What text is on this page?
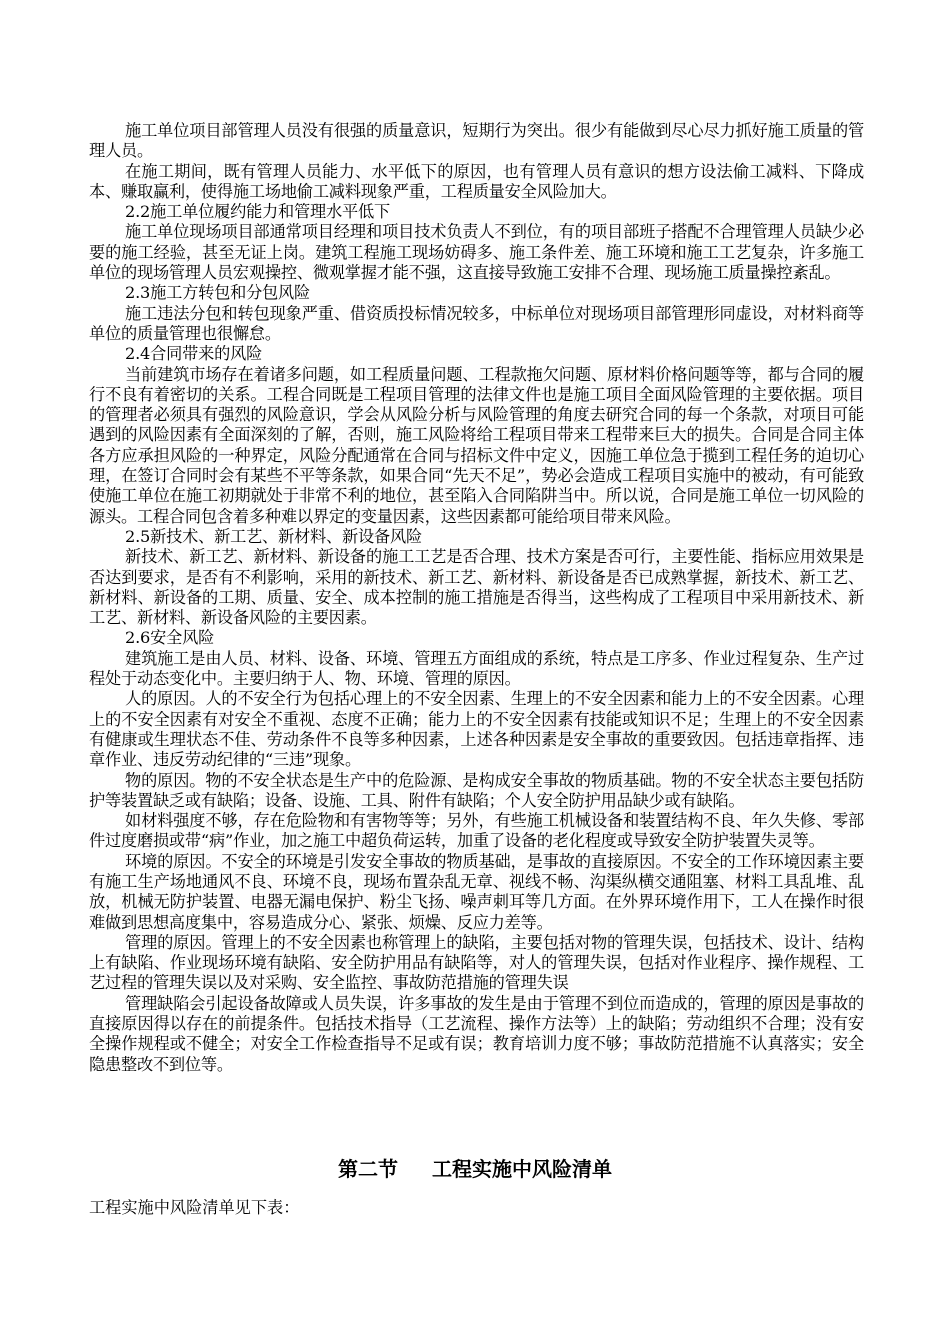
施工单位项目部管理人员没有很强的质量意识，短期行为突出。很少有能做到尽心尽力抓好施工质量的管理人员。

在施工期间，既有管理人员能力、水平低下的原因，也有管理人员有意识的想方设法偷工减料、下降成本、赚取赢利，使得施工场地偷工减料现象严重，工程质量安全风险加大。

2.2施工单位履约能力和管理水平低下

施工单位现场项目部通常项目经理和项目技术负责人不到位，有的项目部班子搭配不合理管理人员缺少必要的施工经验，甚至无证上岗。建筑工程施工现场妨碍多、施工条件差、施工环境和施工工艺复杂，许多施工单位的现场管理人员宏观操控、微观掌握才能不强，这直接导致施工安排不合理、现场施工质量操控紊乱。

2.3施工方转包和分包风险

施工违法分包和转包现象严重、借资质投标情况较多，中标单位对现场项目部管理形同虚设，对材料商等单位的质量管理也很懈怠。

2.4合同带来的风险

当前建筑市场存在着诸多问题，如工程质量问题、工程款拖欠问题、原材料价格问题等等，都与合同的履行不良有着密切的关系。工程合同既是工程项目管理的法律文件也是施工项目全面风险管理的主要依据。项目的管理者必须具有强烈的风险意识，学会从风险分析与风险管理的角度去研究合同的每一个条款，对项目可能遇到的风险因素有全面深刻的了解，否则，施工风险将给工程项目带来工程带来巨大的损失。合同是合同主体各方应承担风险的一种界定，风险分配通常在合同与招标文件中定义，因施工单位急于揽到工程任务的迫切心理，在签订合同时会有某些不平等条款，如果合同“先天不足”，势必会造成工程项目实施中的被动，有可能致使施工单位在施工初期就处于非常不利的地位，甚至陷入合同陷阱当中。所以说，合同是施工单位一切风险的源头。工程合同包含着多种难以界定的变量因素，这些因素都可能给项目带来风险。

2.5新技术、新工艺、新材料、新设备风险

新技术、新工艺、新材料、新设备的施工工艺是否合理、技术方案是否可行，主要性能、指标应用效果是否达到要求，是否有不利影响，采用的新技术、新工艺、新材料、新设备是否已成熟掌握，新技术、新工艺、新材料、新设备的工期、质量、安全、成本控制的施工措施是否得当，这些构成了工程项目中采用新技术、新工艺、新材料、新设备风险的主要因素。

2.6安全风险

建筑施工是由人员、材料、设备、环境、管理五方面组成的系统，特点是工序多、作业过程复杂、生产过程处于动态变化中。主要归纳于人、物、环境、管理的原因。

人的原因。人的不安全行为包括心理上的不安全因素、生理上的不安全因素和能力上的不安全因素。心理上的不安全因素有对安全不重视、态度不正确；能力上的不安全因素有技能或知识不足；生理上的不安全因素有健康或生理状态不佳、劳动条件不良等多种因素，上述各种因素是安全事故的重要致因。包括违章指挥、违章作业、违反劳动纪律的“三违”现象。

物的原因。物的不安全状态是生产中的危险源、是构成安全事故的物质基础。物的不安全状态主要包括防护等装置缺乏或有缺陷；设备、设施、工具、附件有缺陷；个人安全防护用品缺少或有缺陷。

如材料强度不够，存在危险物和有害物等等；另外，有些施工机械设备和装置结构不良、年久失修、零部件过度磨损或带“病”作业，加之施工中超负荷运转，加重了设备的老化程度或导致安全防护装置失灵等。

环境的原因。不安全的环境是引发安全事故的物质基础，是事故的直接原因。不安全的工作环境因素主要有施工生产场地通风不良、环境不良，现场布置杂乱无章、视线不畅、沟渠纵横交通阻塞、材料工具乱堆、乱放，机械无防护装置、电器无漏电保护、粉尘飞扬、噪声刺耳等几方面。在外界环境作用下，工人在操作时很难做到思想高度集中，容易造成分心、紧张、烦燥、反应力差等。

管理的原因。管理上的不安全因素也称管理上的缺陷，主要包括对物的管理失误，包括技术、设计、结构上有缺陷、作业现场环境有缺陷、安全防护用品有缺陷等，对人的管理失误，包括对作业程序、操作规程、工艺过程的管理失误以及对采购、安全监控、事故防范措施的管理失误

管理缺陷会引起设备故障或人员失误，许多事故的发生是由于管理不到位而造成的，管理的原因是事故的直接原因得以存在的前提条件。包括技术指导（工艺流程、操作方法等）上的缺陷；劳动组织不合理；没有安全操作规程或不健全；对安全工作检查指导不足或有误；教育培训力度不够；事故防范措施不认真落实；安全隐患整改不到位等。

第二节 工程实施中风险清单
工程实施中风险清单见下表：
